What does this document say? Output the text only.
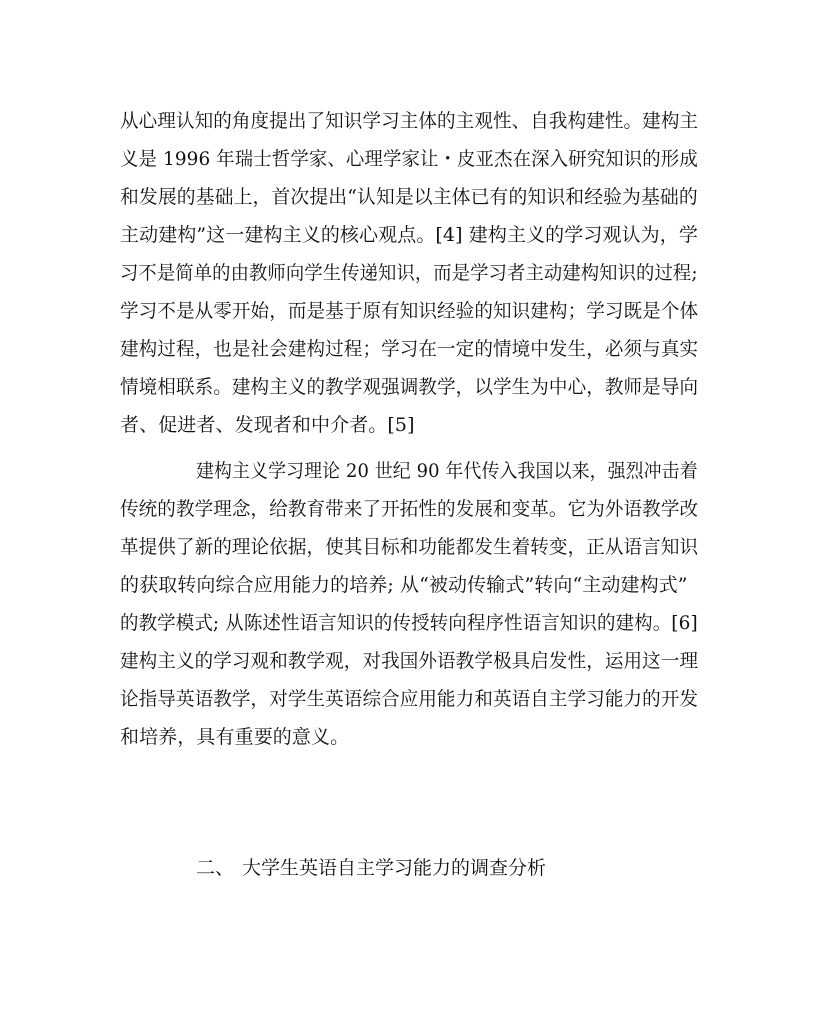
从心理认知的角度提出了知识学习主体的主观性、自我构建性。建构主
义是 1996 年瑞士哲学家、心理学家让・皮亚杰在深入研究知识的形成
和发展的基础上，首次提出“认知是以主体已有的知识和经验为基础的
主动建构”这一建构主义的核心观点。[4] 建构主义的学习观认为，学
习不是简单的由教师向学生传递知识，而是学习者主动建构知识的过程;
学习不是从零开始，而是基于原有知识经验的知识建构；学习既是个体
建构过程，也是社会建构过程；学习在一定的情境中发生，必须与真实
情境相联系。建构主义的教学观强调教学，以学生为中心，教师是导向
者、促进者、发现者和中介者。[5]
建构主义学习理论 20 世纪 90 年代传入我国以来，强烈冲击着
传统的教学理念，给教育带来了开拓性的发展和变革。它为外语教学改
革提供了新的理论依据，使其目标和功能都发生着转变，正从语言知识
的获取转向综合应用能力的培养; 从“被动传输式”转向“主动建构式”
的教学模式; 从陈述性语言知识的传授转向程序性语言知识的建构。[6]
建构主义的学习观和教学观，对我国外语教学极具启发性，运用这一理
论指导英语教学，对学生英语综合应用能力和英语自主学习能力的开发
和培养，具有重要的意义。
二、 大学生英语自主学习能力的调查分析
